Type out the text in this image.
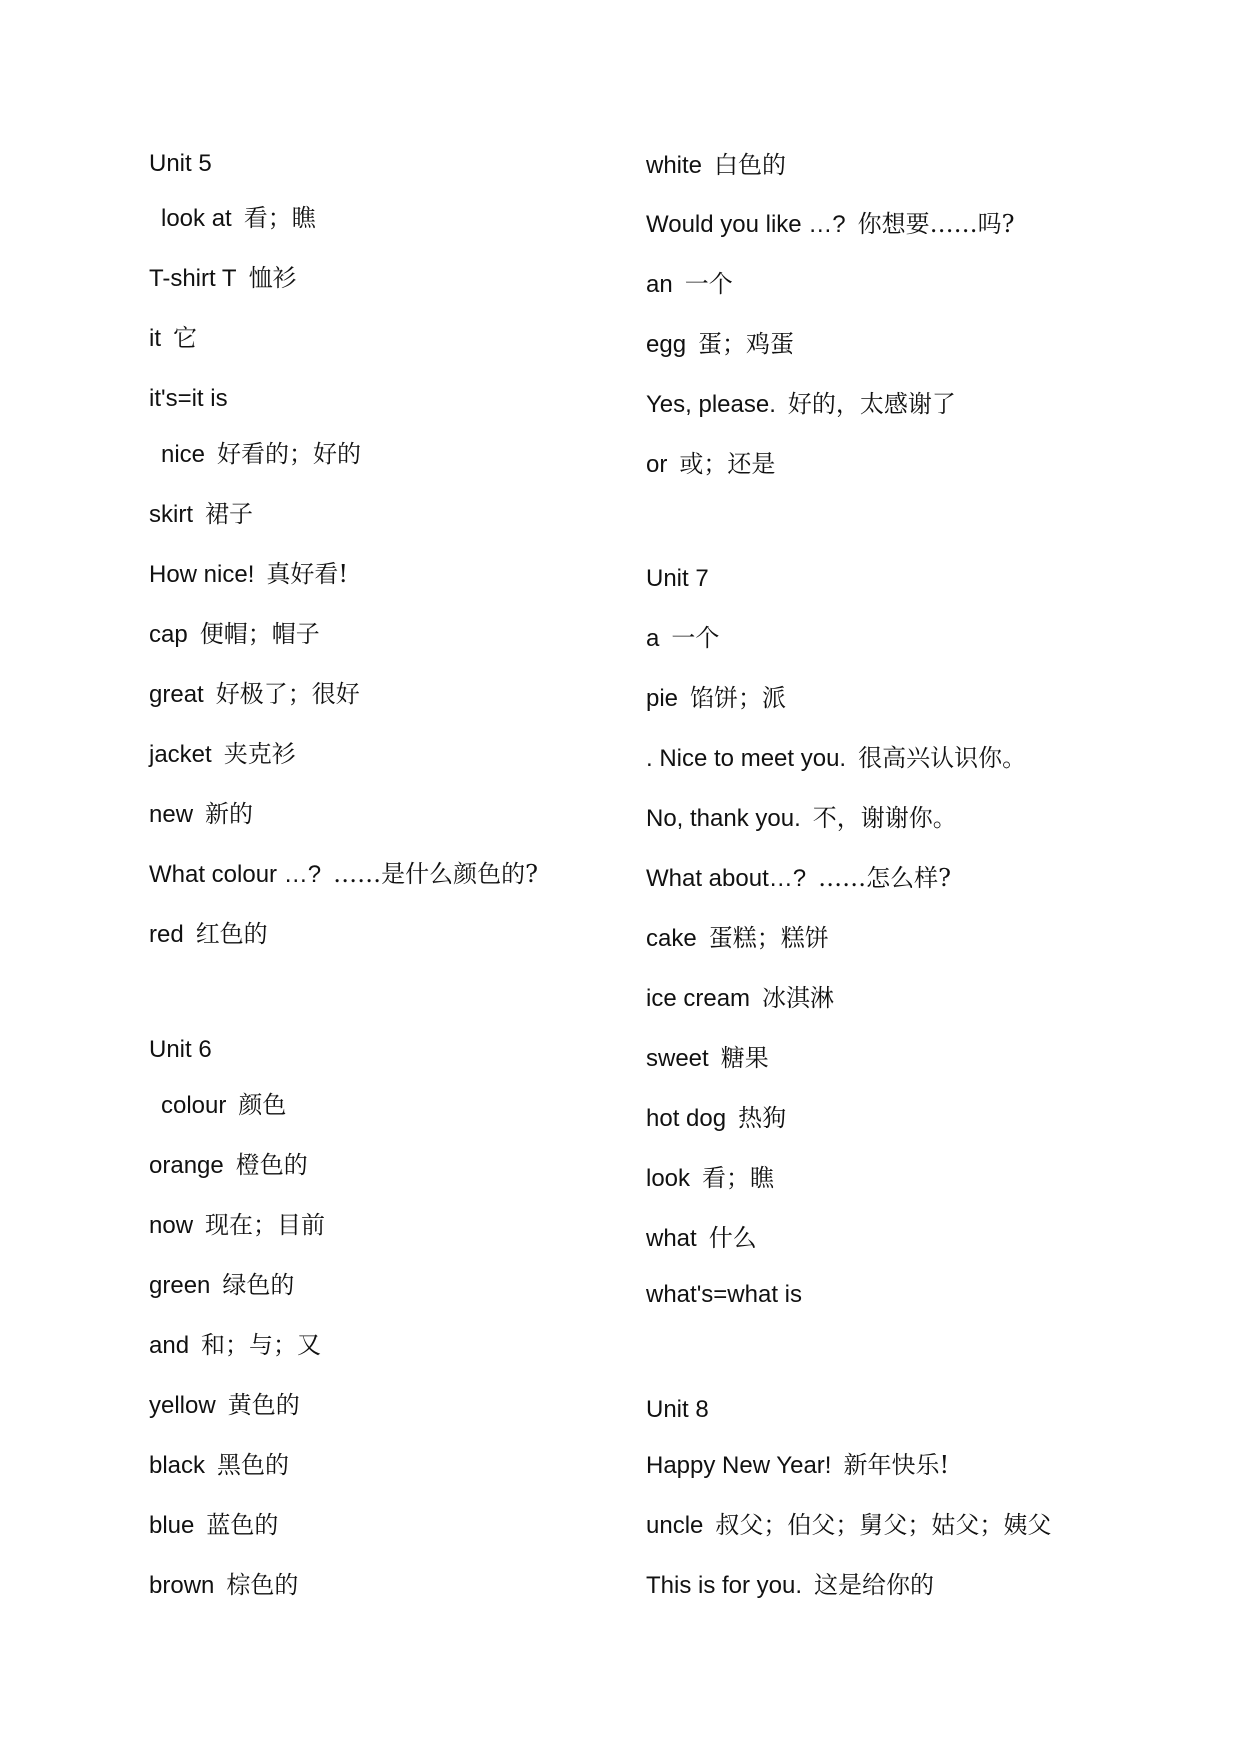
Unit 5
look at 看；瞧
T-shirt T 恤衫
it 它
it's=it is
nice 好看的；好的
skirt 裙子
How nice! 真好看!
cap 便帽；帽子
great 好极了；很好
jacket 夹克衫
new 新的
What colour …? ……是什么颜色的?
red 红色的
Unit 6
colour 颜色
orange 橙色的
now 现在；目前
green 绿色的
and 和；与；又
yellow 黄色的
black 黑色的
blue 蓝色的
brown 棕色的
white 白色的
Would you like …? 你想要……吗?
an 一个
egg 蛋；鸡蛋
Yes, please. 好的，太感谢了
or 或；还是
Unit 7
a 一个
pie 馅饼；派
. Nice to meet you. 很高兴认识你。
No, thank you. 不，谢谢你。
What about…? ……怎么样?
cake 蛋糕；糕饼
ice cream 冰淇淋
sweet 糖果
hot dog 热狗
look 看；瞧
what 什么
what's=what is
Unit 8
Happy New Year! 新年快乐!
uncle 叔父；伯父；舅父；姑父；姨父
This is for you. 这是给你的
